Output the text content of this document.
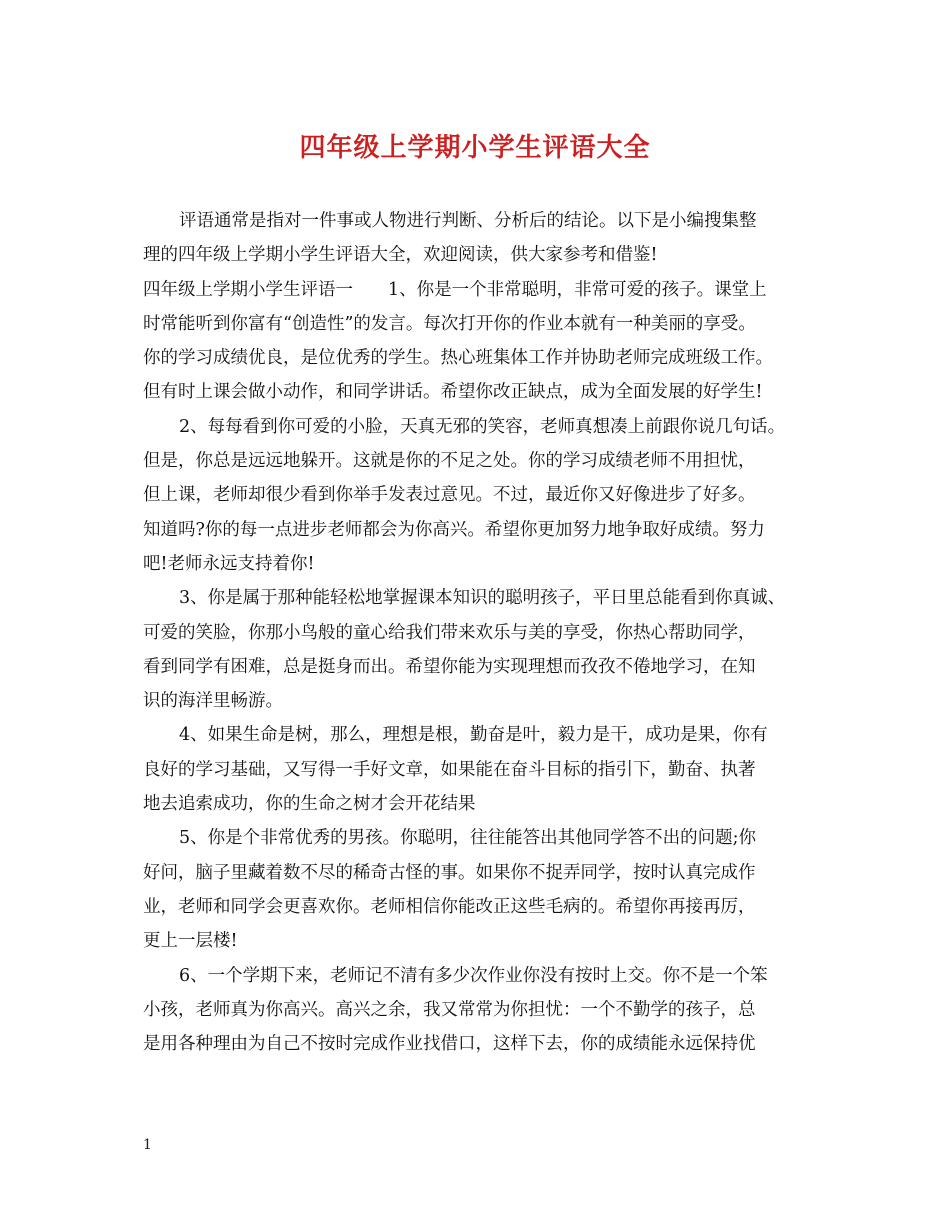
四年级上学期小学生评语大全
评语通常是指对一件事或人物进行判断、分析后的结论。以下是小编搜集整
理的四年级上学期小学生评语大全，欢迎阅读，供大家参考和借鉴!
四年级上学期小学生评语一　　1、你是一个非常聪明，非常可爱的孩子。课堂上
时常能听到你富有“创造性”的发言。每次打开你的作业本就有一种美丽的享受。
你的学习成绩优良，是位优秀的学生。热心班集体工作并协助老师完成班级工作。
但有时上课会做小动作，和同学讲话。希望你改正缺点，成为全面发展的好学生!
2、每每看到你可爱的小脸，天真无邪的笑容，老师真想凑上前跟你说几句话。
但是，你总是远远地躲开。这就是你的不足之处。你的学习成绩老师不用担忧，
但上课，老师却很少看到你举手发表过意见。不过，最近你又好像进步了好多。
知道吗?你的每一点进步老师都会为你高兴。希望你更加努力地争取好成绩。努力
吧!老师永远支持着你!
3、你是属于那种能轻松地掌握课本知识的聪明孩子，平日里总能看到你真诚、
可爱的笑脸，你那小鸟般的童心给我们带来欢乐与美的享受，你热心帮助同学，
看到同学有困难，总是挺身而出。希望你能为实现理想而孜孜不倦地学习，在知
识的海洋里畅游。
4、如果生命是树，那么，理想是根，勤奋是叶，毅力是干，成功是果，你有
良好的学习基础，又写得一手好文章，如果能在奋斗目标的指引下，勤奋、执著
地去追索成功，你的生命之树才会开花结果
5、你是个非常优秀的男孩。你聪明，往往能答出其他同学答不出的问题;你
好问，脑子里藏着数不尽的稀奇古怪的事。如果你不捉弄同学，按时认真完成作
业，老师和同学会更喜欢你。老师相信你能改正这些毛病的。希望你再接再厉，
更上一层楼!
6、一个学期下来，老师记不清有多少次作业你没有按时上交。你不是一个笨
小孩，老师真为你高兴。高兴之余，我又常常为你担忧：一个不勤学的孩子，总
是用各种理由为自己不按时完成作业找借口，这样下去，你的成绩能永远保持优
1
